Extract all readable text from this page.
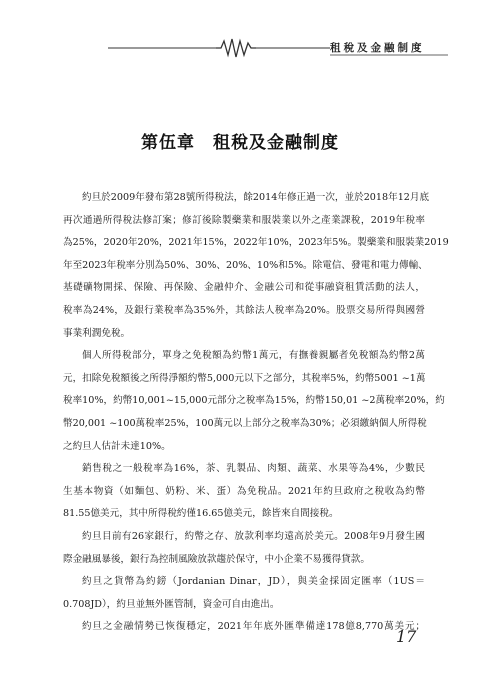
租稅及金融制度
第伍章　租稅及金融制度

約旦於2009年發布第28號所得稅法，餘2014年修正過一次，並於2018年12月底
再次通過所得稅法修訂案；修訂後除製藥業和服裝業以外之產業課稅，2019年稅率
為25%，2020年20%，2021年15%，2022年10%，2023年5%。製藥業和服裝業2019
年至2023年稅率分別為50%、30%、20%、10%和5%。除電信、發電和電力傳輸、
基礎礦物開採、保險、再保險、金融仲介、金融公司和從事融資租賃活動的法人，
稅率為24%，及銀行業稅率為35%外，其餘法人稅率為20%。股票交易所得與國營
事業利潤免稅。

個人所得稅部分，單身之免稅額為約幣1萬元，有撫養親屬者免稅額為約幣2萬
元，扣除免稅額後之所得淨額約幣5,000元以下之部分，其稅率5%，約幣5001 ~1萬
稅率10%，約幣10,001~15,000元部分之稅率為15%，約幣150,01 ~2萬稅率20%，約
幣20,001 ~100萬稅率25%，100萬元以上部分之稅率為30%；必須繳納個人所得稅
之約旦人估計未達10%。

銷售稅之一般稅率為16%，茶、乳製品、肉類、蔬菜、水果等為4%，少數民
生基本物資（如麵包、奶粉、米、蛋）為免稅品。2021年約旦政府之稅收為約幣
81.55億美元，其中所得稅約僅16.65億美元，餘皆來自間接稅。

約旦目前有26家銀行，約幣之存、放款利率均遠高於美元。2008年9月發生國
際金融風暴後，銀行為控制風險放款趨於保守，中小企業不易獲得貸款。

約旦之貨幣為約鎊（Jordanian Dinar，JD），與美金採固定匯率（1US＝
0.708JD），約旦並無外匯管制，資金可自由進出。

約旦之金融情勢已恢復穩定，2021年年底外匯準備達178億8,770萬美元；

17
